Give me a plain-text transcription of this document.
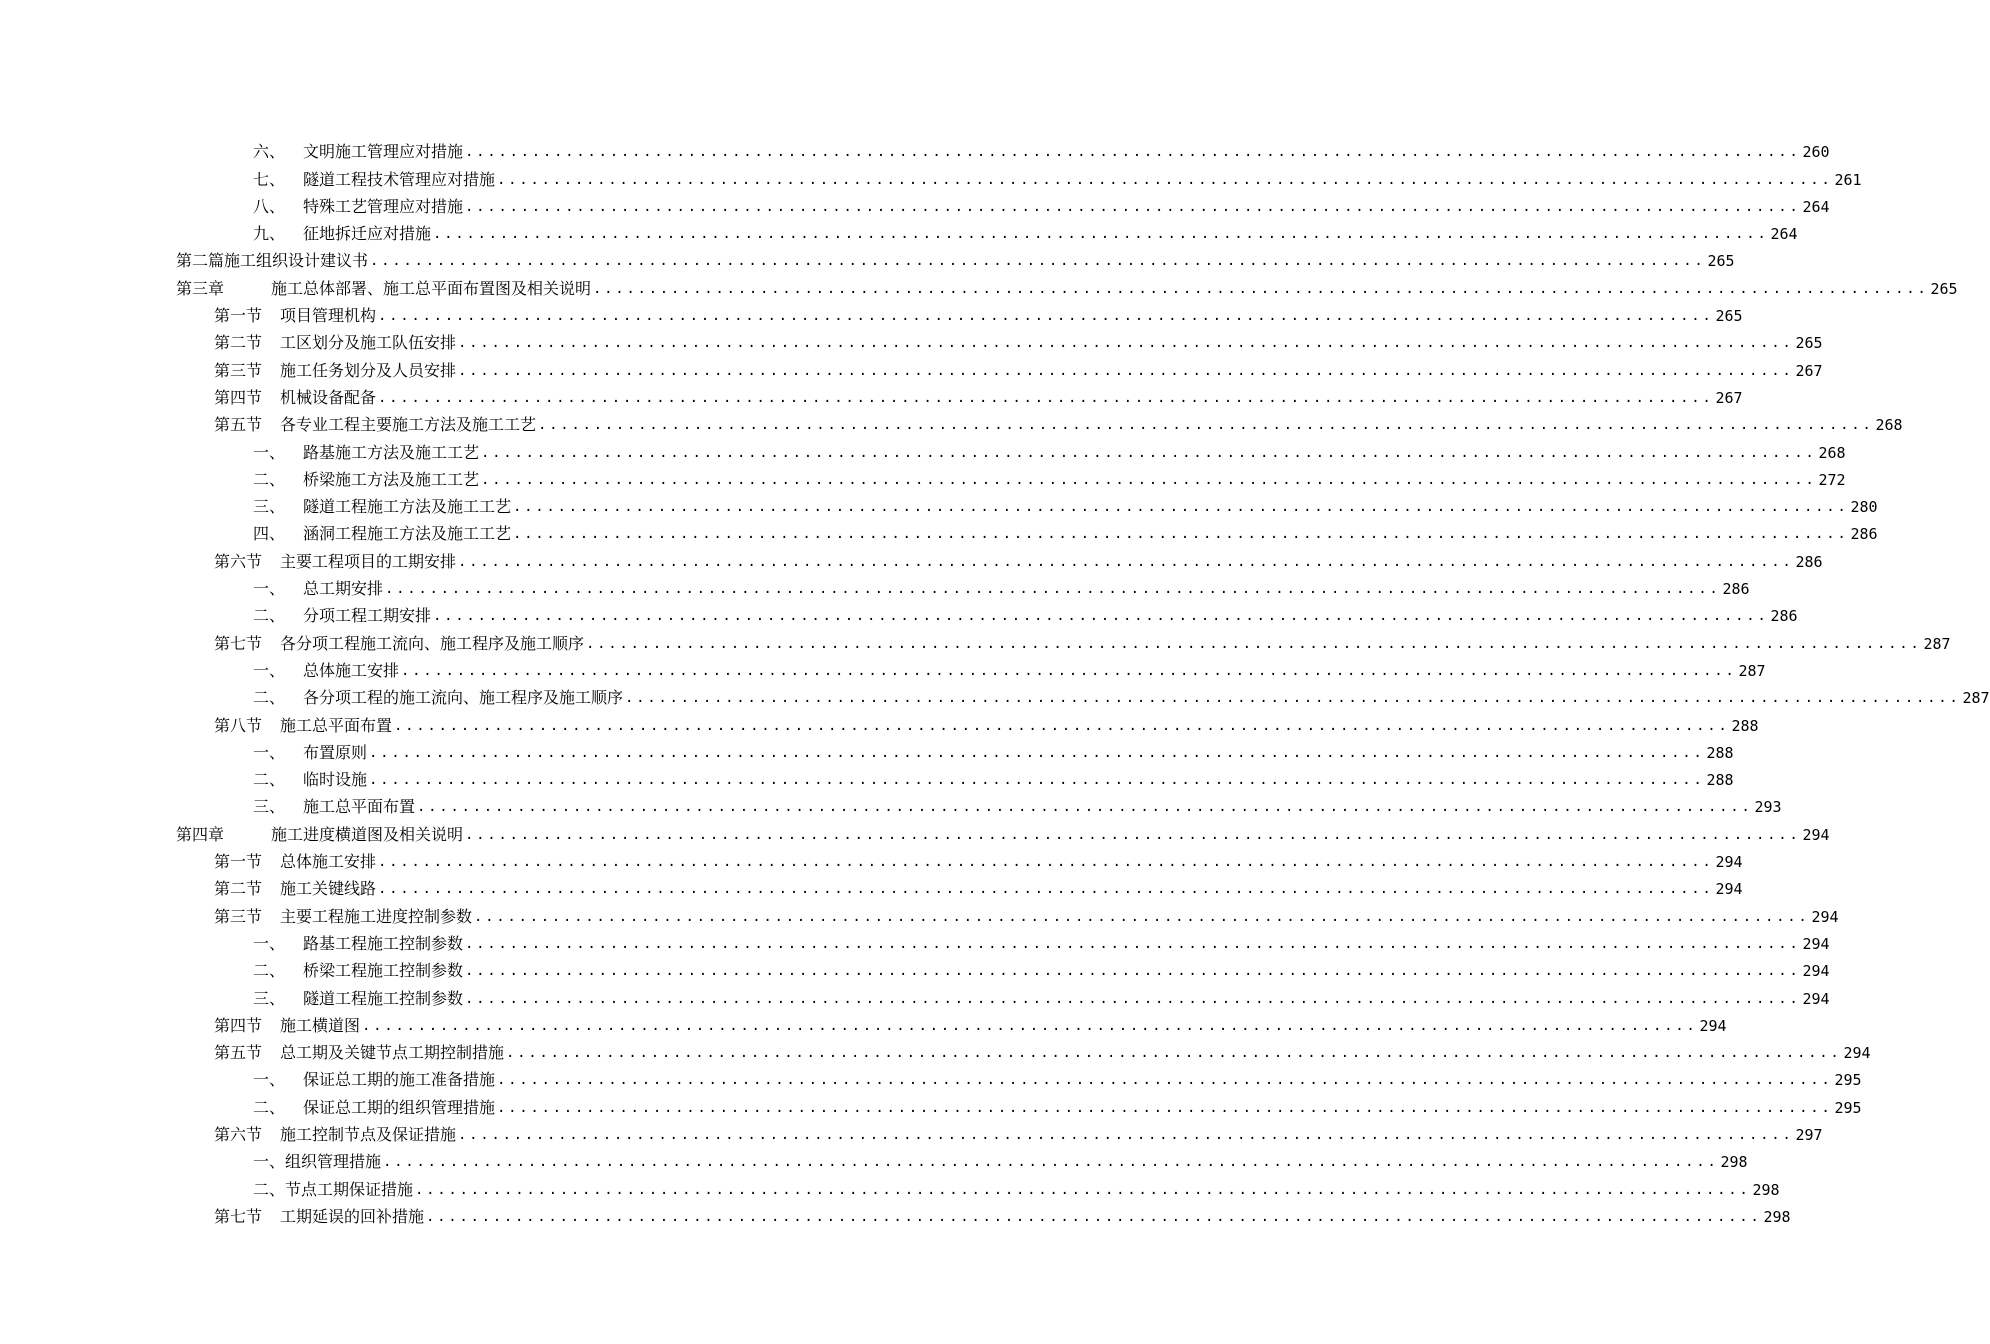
六、 文明施工管理应对措施 ........................................................................................................................ 260
七、 隧道工程技术管理应对措施 ........................................................................................................................ 261
八、 特殊工艺管理应对措施 ........................................................................................................................ 264
九、 征地拆迁应对措施 ........................................................................................................................ 264
第二篇施工组织设计建议书 ........................................................................................................................ 265
第三章	施工总体部署、施工总平面布置图及相关说明 ........................................................................................................................ 265
第一节 项目管理机构 ........................................................................................................................ 265
第二节 工区划分及施工队伍安排 ........................................................................................................................ 265
第三节 施工任务划分及人员安排 ........................................................................................................................ 267
第四节 机械设备配备 ........................................................................................................................ 267
第五节 各专业工程主要施工方法及施工工艺 ........................................................................................................................ 268
一、 路基施工方法及施工工艺 ........................................................................................................................ 268
二、 桥梁施工方法及施工工艺 ........................................................................................................................ 272
三、 隧道工程施工方法及施工工艺 ........................................................................................................................ 280
四、 涵洞工程施工方法及施工工艺 ........................................................................................................................ 286
第六节 主要工程项目的工期安排 ........................................................................................................................ 286
一、 总工期安排 ........................................................................................................................ 286
二、 分项工程工期安排 ........................................................................................................................ 286
第七节 各分项工程施工流向、施工程序及施工顺序 ........................................................................................................................ 287
一、 总体施工安排 ........................................................................................................................ 287
二、 各分项工程的施工流向、施工程序及施工顺序 ........................................................................................................................ 287
第八节 施工总平面布置 ........................................................................................................................ 288
一、 布置原则 ........................................................................................................................ 288
二、 临时设施 ........................................................................................................................ 288
三、 施工总平面布置 ........................................................................................................................ 293
第四章	施工进度横道图及相关说明 ........................................................................................................................ 294
第一节 总体施工安排 ........................................................................................................................ 294
第二节 施工关键线路 ........................................................................................................................ 294
第三节 主要工程施工进度控制参数 ........................................................................................................................ 294
一、 路基工程施工控制参数 ........................................................................................................................ 294
二、 桥梁工程施工控制参数 ........................................................................................................................ 294
三、 隧道工程施工控制参数 ........................................................................................................................ 294
第四节 施工横道图 ........................................................................................................................ 294
第五节 总工期及关键节点工期控制措施 ........................................................................................................................ 294
一、 保证总工期的施工准备措施 ........................................................................................................................ 295
二、 保证总工期的组织管理措施 ........................................................................................................................ 295
第六节 施工控制节点及保证措施 ........................................................................................................................ 297
一、组织管理措施 ........................................................................................................................ 298
二、节点工期保证措施 ........................................................................................................................ 298
第七节 工期延误的回补措施 ........................................................................................................................ 298
